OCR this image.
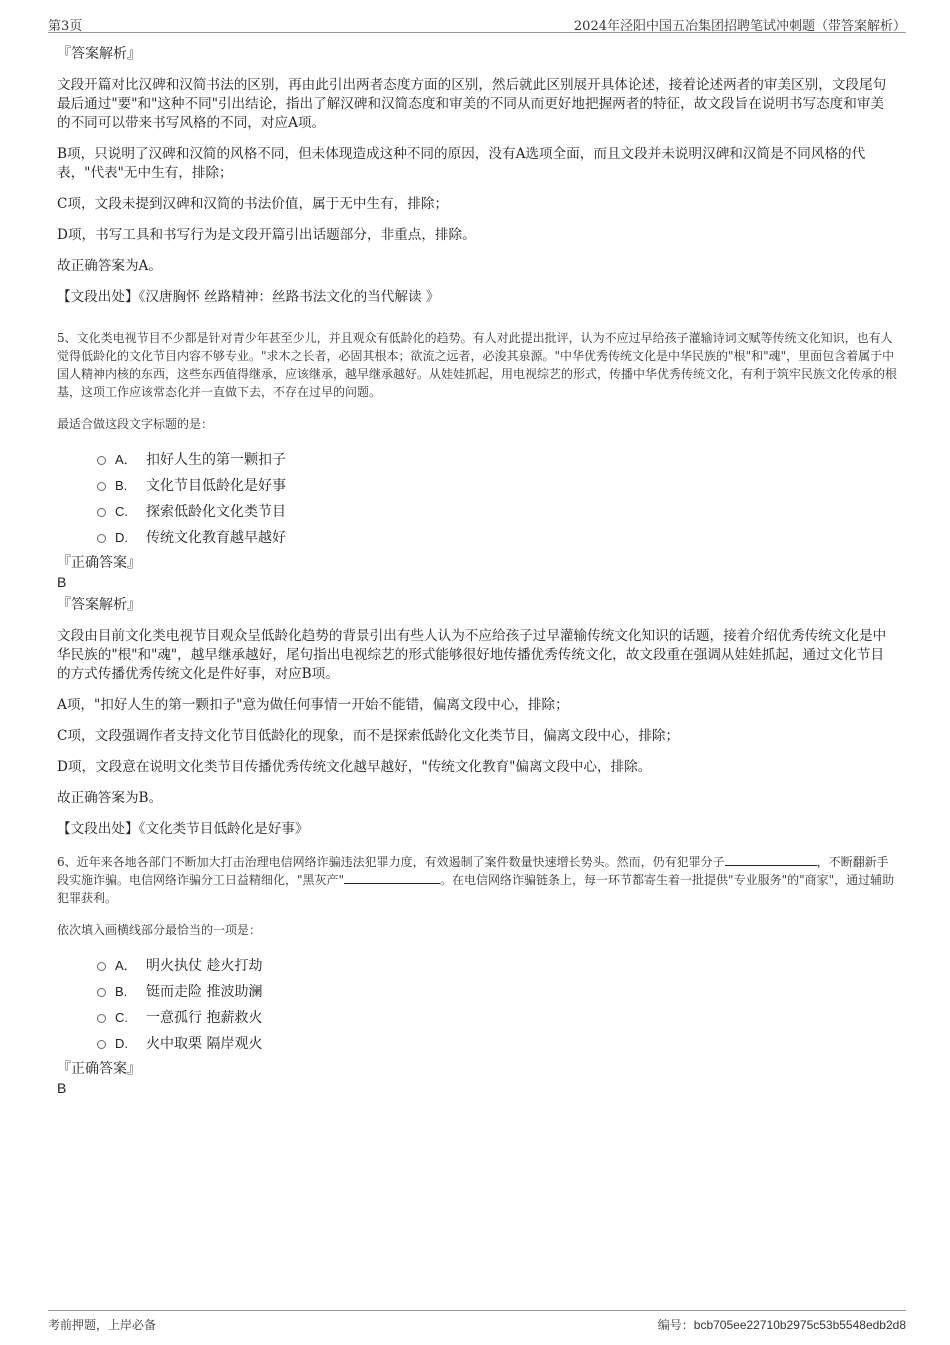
第3页	2024年泾阳中国五冶集团招聘笔试冲刺题（带答案解析）

『答案解析』

文段开篇对比汉碑和汉简书法的区别，再由此引出两者态度方面的区别，然后就此区别展开具体论述，接着论述两者的审美区别，文段尾句最后通过"要"和"这种不同"引出结论，指出了解汉碑和汉简态度和审美的不同从而更好地把握两者的特征，故文段旨在说明书写态度和审美的不同可以带来书写风格的不同，对应A项。

B项，只说明了汉碑和汉简的风格不同，但未体现造成这种不同的原因，没有A选项全面，而且文段并未说明汉碑和汉简是不同风格的代表，"代表"无中生有，排除；

C项，文段未提到汉碑和汉简的书法价值，属于无中生有，排除；

D项，书写工具和书写行为是文段开篇引出话题部分，非重点，排除。

故正确答案为A。

【文段出处】《汉唐胸怀 丝路精神：丝路书法文化的当代解读 》

5、文化类电视节目不少都是针对青少年甚至少儿，并且观众有低龄化的趋势。有人对此提出批评，认为不应过早给孩子灌输诗词文赋等传统文化知识，也有人觉得低龄化的文化节目内容不够专业。"求木之长者，必固其根本；欲流之远者，必浚其泉源。"中华优秀传统文化是中华民族的"根"和"魂"，里面包含着属于中国人精神内核的东西，这些东西值得继承，应该继承，越早继承越好。从娃娃抓起，用电视综艺的形式，传播中华优秀传统文化，有利于筑牢民族文化传承的根基，这项工作应该常态化并一直做下去，不存在过早的问题。

最适合做这段文字标题的是：

A． 扣好人生的第一颗扣子
B. 文化节目低龄化是好事
C. 探索低龄化文化类节目
D. 传统文化教育越早越好

『正确答案』

B

『答案解析』

文段由目前文化类电视节目观众呈低龄化趋势的背景引出有些人认为不应给孩子过早灌输传统文化知识的话题，接着介绍优秀传统文化是中华民族的"根"和"魂"，越早继承越好，尾句指出电视综艺的形式能够很好地传播优秀传统文化，故文段重在强调从娃娃抓起，通过文化节目的方式传播优秀传统文化是件好事，对应B项。

A项，"扣好人生的第一颗扣子"意为做任何事情一开始不能错，偏离文段中心，排除；

C项，文段强调作者支持文化节目低龄化的现象，而不是探索低龄化文化类节目，偏离文段中心，排除；

D项，文段意在说明文化类节目传播优秀传统文化越早越好，"传统文化教育"偏离文段中心，排除。

故正确答案为B。

【文段出处】《文化类节目低龄化是好事》

6、近年来各地各部门不断加大打击治理电信网络诈骗违法犯罪力度，有效遏制了案件数量快速增长势头。然而，仍有犯罪分子	，不断翻新手段实施诈骗。电信网络诈骗分工日益精细化，"黑灰产"	。在电信网络诈骗链条上，每一环节都寄生着一批提供"专业服务"的"商家"，通过辅助犯罪获利。

依次填入画横线部分最恰当的一项是：

A． 明火执仗 趁火打劫
B. 铤而走险 推波助澜
C. 一意孤行 抱薪救火
D. 火中取栗 隔岸观火

『正确答案』

B
考前押题，上岸必备	编号：bcb705ee22710b2975c53b5548edb2d8
